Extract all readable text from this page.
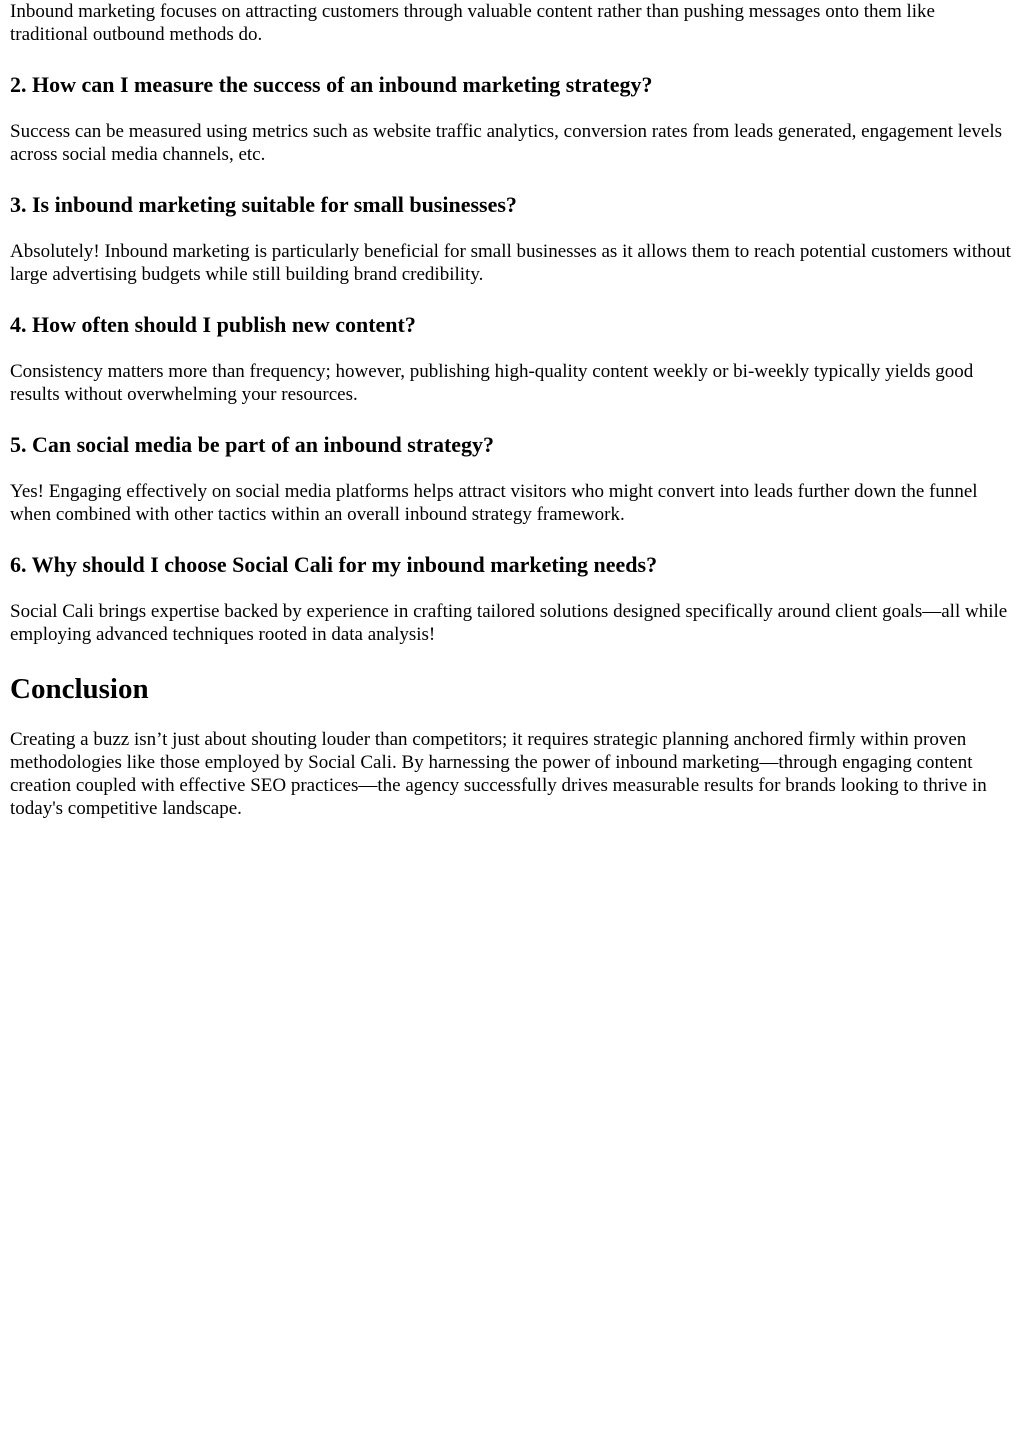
Inbound marketing focuses on attracting customers through valuable content rather than pushing messages onto them like traditional outbound methods do.

2. How can I measure the success of an inbound marketing strategy?

Success can be measured using metrics such as website traffic analytics, conversion rates from leads generated, engagement levels across social media channels, etc.

3. Is inbound marketing suitable for small businesses?

Absolutely! Inbound marketing is particularly beneficial for small businesses as it allows them to reach potential customers without large advertising budgets while still building brand credibility.

4. How often should I publish new content?

Consistency matters more than frequency; however, publishing high-quality content weekly or bi-weekly typically yields good results without overwhelming your resources.

5. Can social media be part of an inbound strategy?

Yes! Engaging effectively on social media platforms helps attract visitors who might convert into leads further down the funnel when combined with other tactics within an overall inbound strategy framework.

6. Why should I choose Social Cali for my inbound marketing needs?

Social Cali brings expertise backed by experience in crafting tailored solutions designed specifically around client goals—all while employing advanced techniques rooted in data analysis!

Conclusion

Creating a buzz isn’t just about shouting louder than competitors; it requires strategic planning anchored firmly within proven methodologies like those employed by Social Cali. By harnessing the power of inbound marketing—through engaging content creation coupled with effective SEO practices—the agency successfully drives measurable results for brands looking to thrive in today's competitive landscape.
